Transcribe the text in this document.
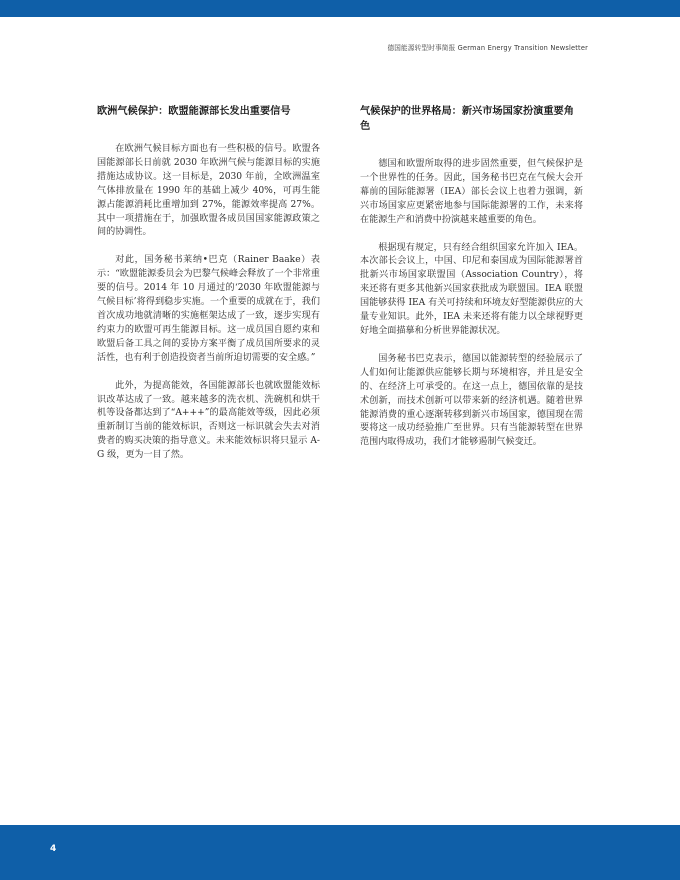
德国能源转型时事简报 German Energy Transition Newsletter
欧洲气候保护：欧盟能源部长发出重要信号

在欧洲气候目标方面也有一些积极的信号。欧盟各国能源部长日前就 2030 年欧洲气候与能源目标的实施措施达成协议。这一目标是，2030 年前，全欧洲温室气体排放量在 1990 年的基础上减少 40%，可再生能源占能源消耗比重增加到 27%，能源效率提高 27%。其中一项措施在于，加强欧盟各成员国国家能源政策之间的协调性。

对此，国务秘书莱纳•巴克（Rainer Baake）表示：“欧盟能源委员会为巴黎气候峰会释放了一个非常重要的信号。2014 年 10 月通过的‘2030 年欧盟能源与气候目标’将得到稳步实施。一个重要的成就在于，我们首次成功地就清晰的实施框架达成了一致，逐步实现有约束力的欧盟可再生能源目标。这一成员国自愿约束和欧盟后备工具之间的妥协方案平衡了成员国所要求的灵活性，也有利于创造投资者当前所迫切需要的安全感。”

此外，为提高能效，各国能源部长也就欧盟能效标识改革达成了一致。越来越多的洗衣机、洗碗机和烘干机等设备都达到了“A+++”的最高能效等级，因此必须重新制订当前的能效标识，否则这一标识就会失去对消费者的购买决策的指导意义。未来能效标识将只显示 A-G 级，更为一目了然。

气候保护的世界格局：新兴市场国家扮演重要角色

德国和欧盟所取得的进步固然重要，但气候保护是一个世界性的任务。因此，国务秘书巴克在气候大会开幕前的国际能源署（IEA）部长会议上也着力强调，新兴市场国家应更紧密地参与国际能源署的工作，未来将在能源生产和消费中扮演越来越重要的角色。

根据现有规定，只有经合组织国家允许加入 IEA。本次部长会议上，中国、印尼和泰国成为国际能源署首批新兴市场国家联盟国（Association Country），将来还将有更多其他新兴国家获批成为联盟国。IEA 联盟国能够获得 IEA 有关可持续和环境友好型能源供应的大量专业知识。此外，IEA 未来还将有能力以全球视野更好地全面描摹和分析世界能源状况。

国务秘书巴克表示，德国以能源转型的经验展示了人们如何让能源供应能够长期与环境相容，并且是安全的、在经济上可承受的。在这一点上，德国依靠的是技术创新，而技术创新可以带来新的经济机遇。随着世界能源消费的重心逐渐转移到新兴市场国家，德国现在需要将这一成功经验推广至世界。只有当能源转型在世界范围内取得成功，我们才能够遏制气候变迁。

4
